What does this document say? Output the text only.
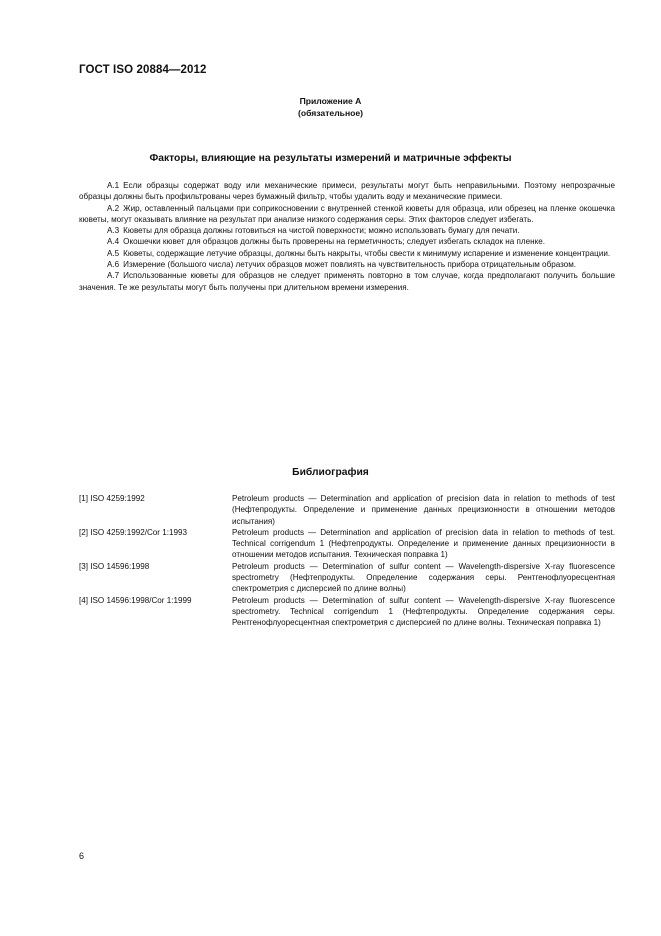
ГОСТ ISO 20884—2012
Приложение А
(обязательное)
Факторы, влияющие на результаты измерений и матричные эффекты

А.1 Если образцы содержат воду или механические примеси, результаты могут быть неправильными. Поэтому непрозрачные образцы должны быть профильтрованы через бумажный фильтр, чтобы удалить воду и механические примеси.

А.2 Жир, оставленный пальцами при соприкосновении с внутренней стенкой кюветы для образца, или обрезец на пленке окошечка кюветы, могут оказывать влияние на результат при анализе низкого содержания серы. Этих факторов следует избегать.

А.3 Кюветы для образца должны готовиться на чистой поверхности; можно использовать бумагу для печати.

А.4 Окошечки кювет для образцов должны быть проверены на герметичность; следует избегать складок на пленке.

А.5 Кюветы, содержащие летучие образцы, должны быть накрыты, чтобы свести к минимуму испарение и изменение концентрации.

А.6 Измерение (большого числа) летучих образцов может повлиять на чувствительность прибора отрицательным образом.

А.7 Использованные кюветы для образцов не следует применять повторно в том случае, когда предполагают получить большие значения. Те же результаты могут быть получены при длительном времени измерения.

Библиография
[1] ISO 4259:1992	Petroleum products — Determination and application of precision data in relation to methods of test (Нефтепродукты. Определение и применение данных прецизионности в отношении методов испытания)
[2] ISO 4259:1992/Cor 1:1993	Petroleum products — Determination and application of precision data in relation to methods of test. Technical corrigendum 1 (Нефтепродукты. Определение и применение данных прецизионности в отношении методов испытания. Техническая поправка 1)
[3] ISO 14596:1998	Petroleum products — Determination of sulfur content — Wavelength-dispersive X-ray fluorescence spectrometry (Нефтепродукты. Определение содержания серы. Рентгенофлуоресцентная спектрометрия с дисперсией по длине волны)
[4] ISO 14596:1998/Cor 1:1999	Petroleum products — Determination of sulfur content — Wavelength-dispersive X-ray fluorescence spectrometry. Technical corrigendum 1 (Нефтепродукты. Определение содержания серы. Рентгенофлуоресцентная спектрометрия с дисперсией по длине волны. Техническая поправка 1)
6
